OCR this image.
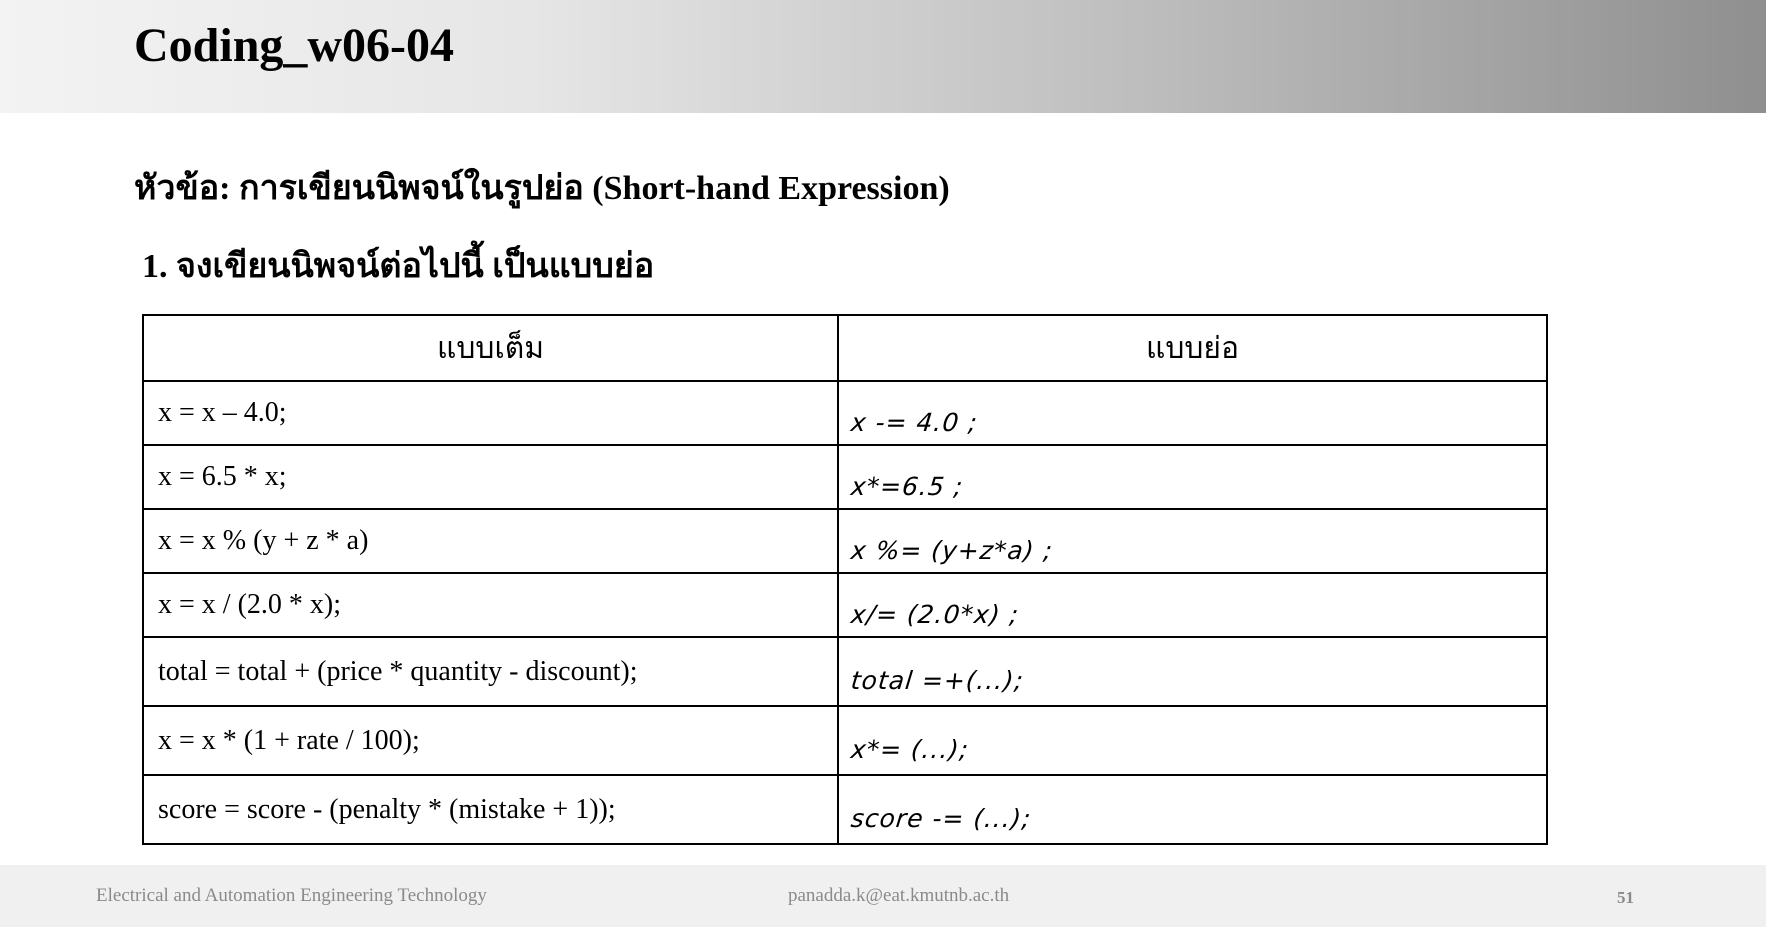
Coding_w06-04

หัวข้อ: การเขียนนิพจน์ในรูปย่อ (Short-hand Expression)

1. จงเขียนนิพจน์ต่อไปนี้ เป็นแบบย่อ

แบบเต็ม	แบบย่อ
x = x – 4.0;	x -= 4.0 ;
x = 6.5 * x;	x*=6.5 ;
x = x % (y + z * a)	x %= (y+z*a) ;
x = x / (2.0 * x);	x/= (2.0*x) ;
total = total + (price * quantity - discount);	total =+(...);
x = x * (1 + rate / 100);	x*= (...);
score = score - (penalty * (mistake + 1));	score -= (...);

Electrical and Automation Engineering Technology	panadda.k@eat.kmutnb.ac.th	51
